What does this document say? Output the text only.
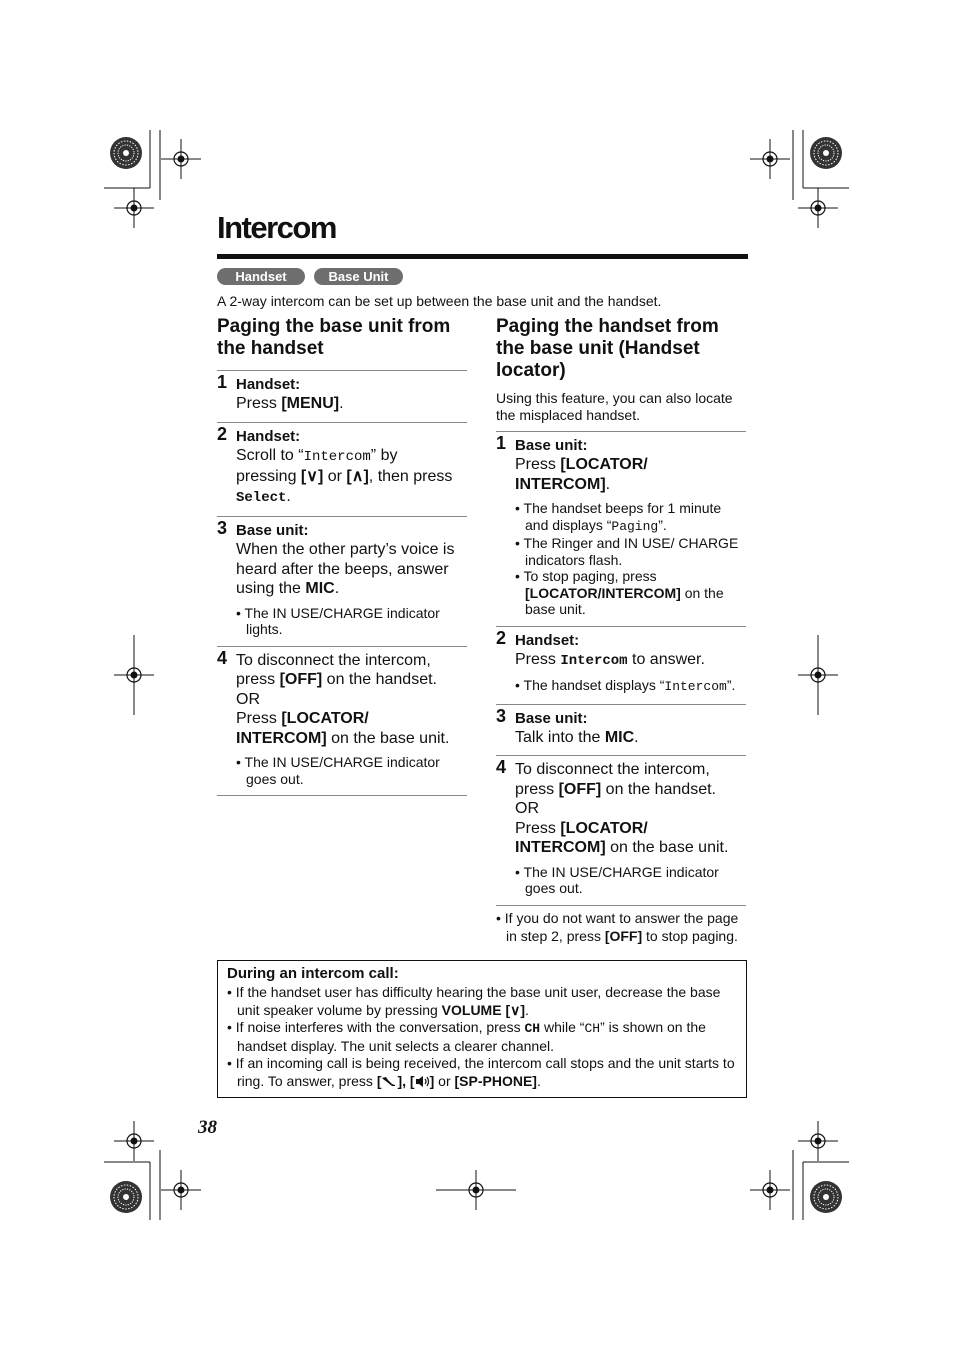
Intercom
Handset	Base Unit
A 2-way intercom can be set up between the base unit and the handset.
Paging the base unit from
the handset
1 Handset:
Press [MENU].
2 Handset:
Scroll to “Intercom” by
pressing [∨] or [∧], then press
Select.
3 Base unit:
When the other party’s voice is
heard after the beeps, answer
using the MIC.
• The IN USE/CHARGE indicator lights.
4 To disconnect the intercom,
press [OFF] on the handset.
OR
Press [LOCATOR/
INTERCOM] on the base unit.
• The IN USE/CHARGE indicator goes out.
Paging the handset from
the base unit (Handset
locator)
Using this feature, you can also locate the misplaced handset.
1 Base unit:
Press [LOCATOR/
INTERCOM].
• The handset beeps for 1 minute and displays “Paging”.
• The Ringer and IN USE/ CHARGE indicators flash.
• To stop paging, press [LOCATOR/INTERCOM] on the base unit.
2 Handset:
Press Intercom to answer.
• The handset displays “Intercom”.
3 Base unit:
Talk into the MIC.
4 To disconnect the intercom,
press [OFF] on the handset.
OR
Press [LOCATOR/
INTERCOM] on the base unit.
• The IN USE/CHARGE indicator goes out.
• If you do not want to answer the page in step 2, press [OFF] to stop paging.
During an intercom call:
• If the handset user has difficulty hearing the base unit user, decrease the base unit speaker volume by pressing VOLUME [∨].
• If noise interferes with the conversation, press CH while “CH” is shown on the handset display. The unit selects a clearer channel.
• If an incoming call is being received, the intercom call stops and the unit starts to ring. To answer, press [ ], [ ] or [SP-PHONE].
38
